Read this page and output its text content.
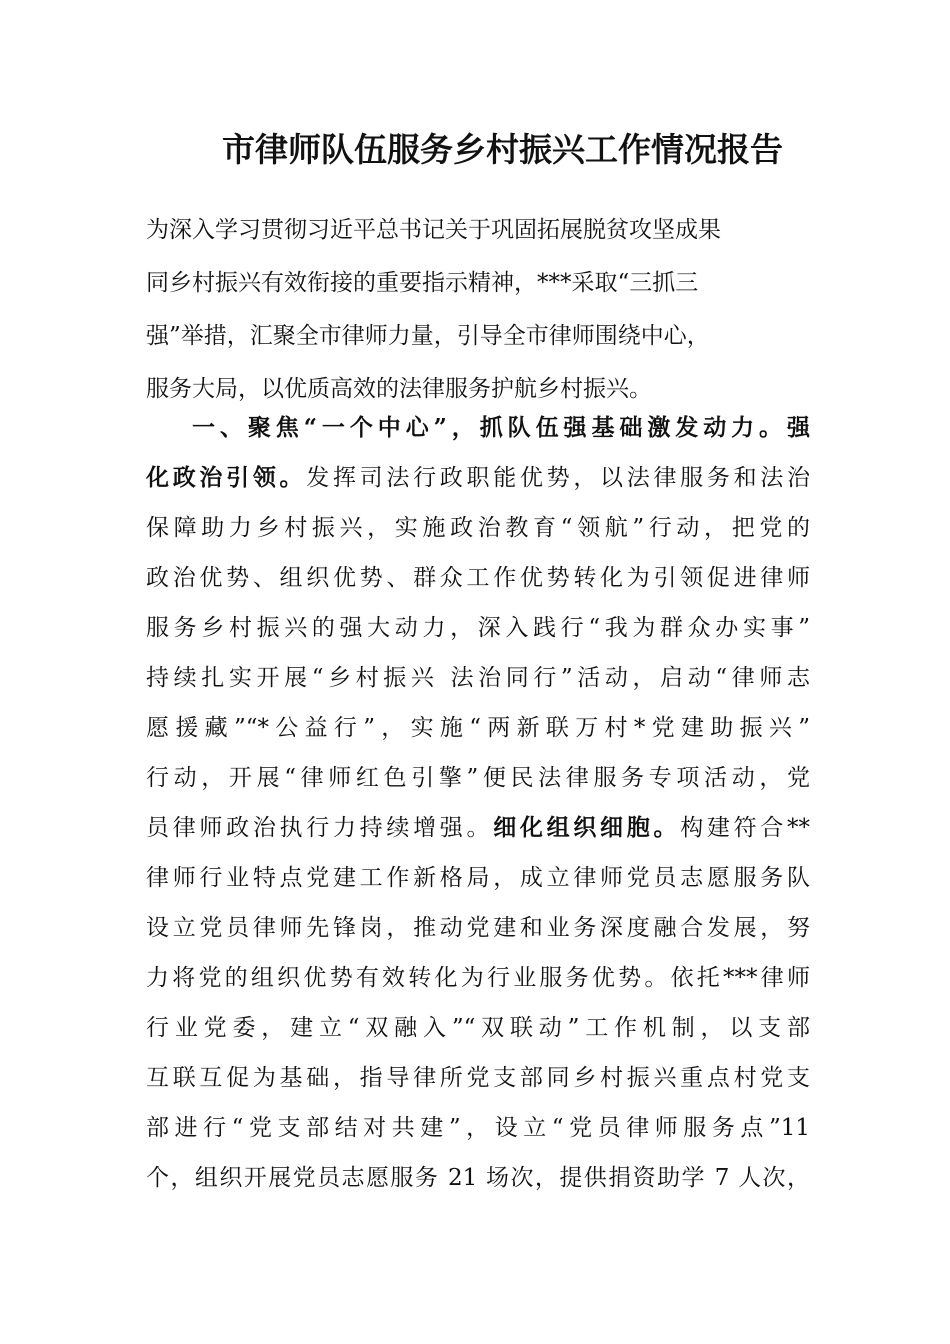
市律师队伍服务乡村振兴工作情况报告
为深入学习贯彻习近平总书记关于巩固拓展脱贫攻坚成果
同乡村振兴有效衔接的重要指示精神，***采取“三抓三
强”举措，汇聚全市律师力量，引导全市律师围绕中心，
服务大局，以优质高效的法律服务护航乡村振兴。
一、聚焦“一个中心”，抓队伍强基础激发动力。强
化政治引领。发挥司法行政职能优势，以法律服务和法治
保障助力乡村振兴，实施政治教育“领航”行动，把党的
政治优势、组织优势、群众工作优势转化为引领促进律师
服务乡村振兴的强大动力，深入践行“我为群众办实事”
持续扎实开展“乡村振兴 法治同行”活动，启动“律师志
愿援藏”“*公益行”，实施“两新联万村*党建助振兴”
行动，开展“律师红色引擎”便民法律服务专项活动，党
员律师政治执行力持续增强。细化组织细胞。构建符合**
律师行业特点党建工作新格局，成立律师党员志愿服务队
设立党员律师先锋岗，推动党建和业务深度融合发展，努
力将党的组织优势有效转化为行业服务优势。依托***律师
行业党委，建立“双融入”“双联动”工作机制，以支部
互联互促为基础，指导律所党支部同乡村振兴重点村党支
部进行“党支部结对共建”，设立“党员律师服务点”11
个，组织开展党员志愿服务 21 场次，提供捐资助学 7 人次，
